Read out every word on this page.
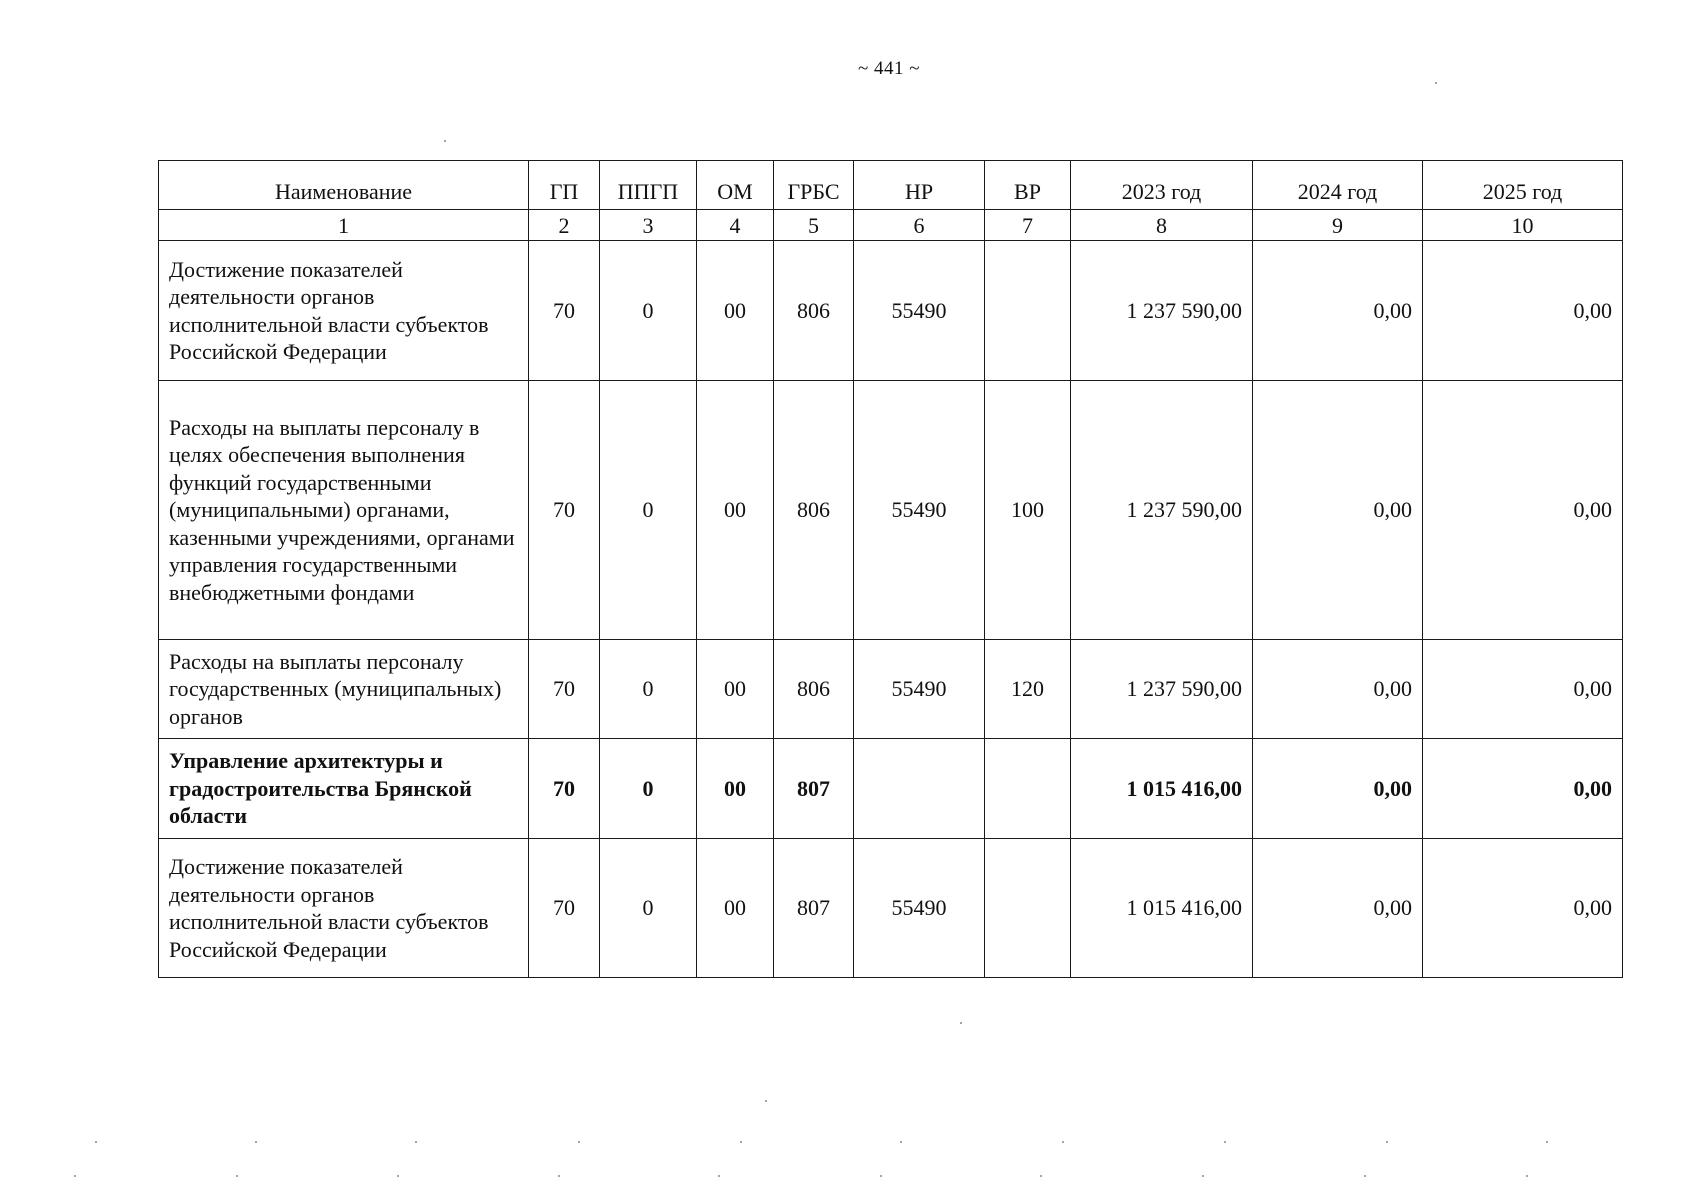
~ 441 ~
Наименование	ГП	ППГП	ОМ	ГРБС	НР	ВР	2023 год	2024 год	2025 год
1	2	3	4	5	6	7	8	9	10
Достижение показателей деятельности органов исполнительной власти субъектов Российской Федерации	70	0	00	806	55490		1 237 590,00	0,00	0,00
Расходы на выплаты персоналу в целях обеспечения выполнения функций государственными (муниципальными) органами, казенными учреждениями, органами управления государственными внебюджетными фондами	70	0	00	806	55490	100	1 237 590,00	0,00	0,00
Расходы на выплаты персоналу государственных (муниципальных) органов	70	0	00	806	55490	120	1 237 590,00	0,00	0,00
Управление архитектуры и градостроительства Брянской области	70	0	00	807			1 015 416,00	0,00	0,00
Достижение показателей деятельности органов исполнительной власти субъектов Российской Федерации	70	0	00	807	55490		1 015 416,00	0,00	0,00
